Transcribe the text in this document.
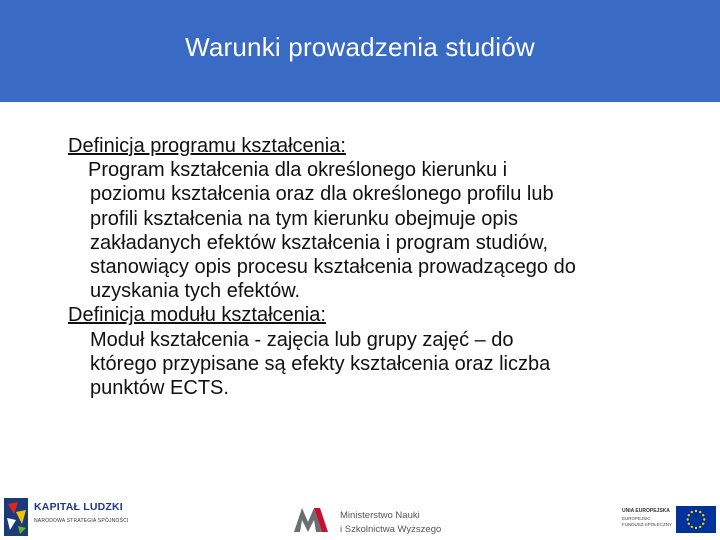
Warunki prowadzenia studiów
Definicja programu kształcenia:
Program kształcenia dla określonego kierunku i
poziomu kształcenia oraz dla określonego profilu lub
profili kształcenia na tym kierunku obejmuje opis
zakładanych efektów kształcenia i program studiów,
stanowiący opis procesu kształcenia prowadzącego do
uzyskania tych efektów.
Definicja modułu kształcenia:
Moduł kształcenia - zajęcia lub grupy zajęć – do
którego przypisane są efekty kształcenia oraz liczba
punktów ECTS.
KAPITAŁ LUDZKI
NARODOWA STRATEGIA SPÓJNOŚCI	Ministerstwo Nauki
i Szkolnictwa Wyższego
UNIA EUROPEJSKA
EUROPEJSKI
FUNDUSZ SPOŁECZNY
